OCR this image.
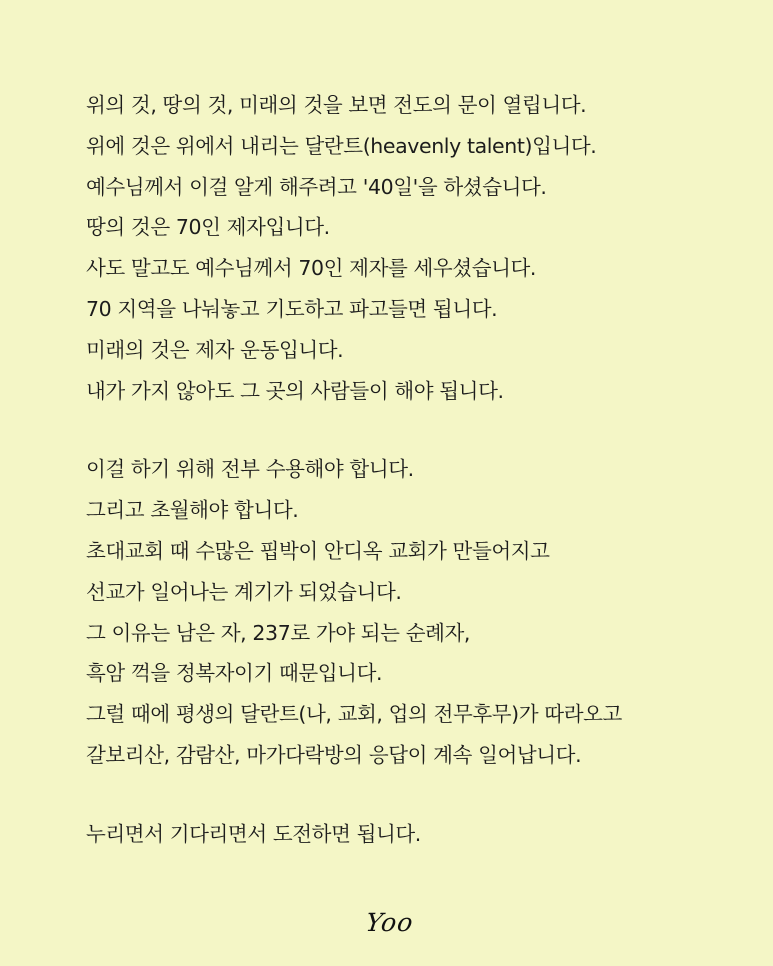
위의 것, 땅의 것, 미래의 것을 보면 전도의 문이 열립니다.
위에 것은 위에서 내리는 달란트(heavenly talent)입니다.
예수님께서 이걸 알게 해주려고 '40일'을 하셨습니다.
땅의 것은 70인 제자입니다.
사도 말고도 예수님께서 70인 제자를 세우셨습니다.
70 지역을 나눠놓고 기도하고 파고들면 됩니다.
미래의 것은 제자 운동입니다.
내가 가지 않아도 그 곳의 사람들이 해야 됩니다.
이걸 하기 위해 전부 수용해야 합니다.
그리고 초월해야 합니다.
초대교회 때 수많은 핍박이 안디옥 교회가 만들어지고
선교가 일어나는 계기가 되었습니다.
그 이유는 남은 자, 237로 가야 되는 순례자,
흑암 꺽을 정복자이기 때문입니다.
그럴 때에 평생의 달란트(나, 교회, 업의 전무후무)가 따라오고
갈보리산, 감람산, 마가다락방의 응답이 계속 일어납니다.
누리면서 기다리면서 도전하면 됩니다.
Yoo
